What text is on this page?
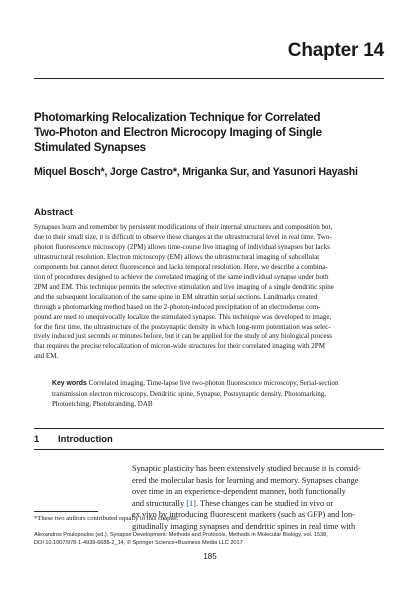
Chapter 14
Photomarking Relocalization Technique for Correlated
Two-Photon and Electron Microcopy Imaging of Single
Stimulated Synapses
Miquel Bosch*, Jorge Castro*, Mriganka Sur, and Yasunori Hayashi
Abstract
Synapses learn and remember by persistent modifications of their internal structures and composition but,
due to their small size, it is difficult to observe these changes at the ultrastructural level in real time. Two-
photon fluorescence microscopy (2PM) allows time-course live imaging of individual synapses but lacks
ultrastructural resolution. Electron microscopy (EM) allows the ultrastructural imaging of subcellular
components but cannot detect fluorescence and lacks temporal resolution. Here, we describe a combina-
tion of procedures designed to achieve the correlated imaging of the same individual synapse under both
2PM and EM. This technique permits the selective stimulation and live imaging of a single dendritic spine
and the subsequent localization of the same spine in EM ultrathin serial sections. Landmarks created
through a photomarking method based on the 2-photon-induced precipitation of an electrodense com-
pound are used to unequivocally localize the stimulated synapse. This technique was developed to image,
for the first time, the ultrastructure of the postsynaptic density in which long-term potentiation was selec-
tively induced just seconds or minutes before, but it can be applied for the study of any biological process
that requires the precise relocalization of micron-wide structures for their correlated imaging with 2PM
and EM.
Key words Correlated imaging, Time-lapse live two-photon fluorescence microscopy, Serial-section
transmission electron microscopy, Dendritic spine, Synapse, Postsynaptic density, Photomarking,
Photoetching, Photobranding, DAB
1 Introduction
Synaptic plasticity has been extensively studied because it is consid-
ered the molecular basis for learning and memory. Synapses change
over time in an experience-dependent manner, both functionally
and structurally [1]. These changes can be studied in vivo or
ex vivo by introducing fluorescent markers (such as GFP) and lon-
gitudinally imaging synapses and dendritic spines in real time with
*These two authors contributed equally to this chapter.
Alexandros Poulopoulos (ed.), Synapse Development: Methods and Protocols, Methods in Molecular Biology, vol. 1538,
DOI 10.1007/978-1-4939-6688-2_14, © Springer Science+Business Media LLC 2017
185
